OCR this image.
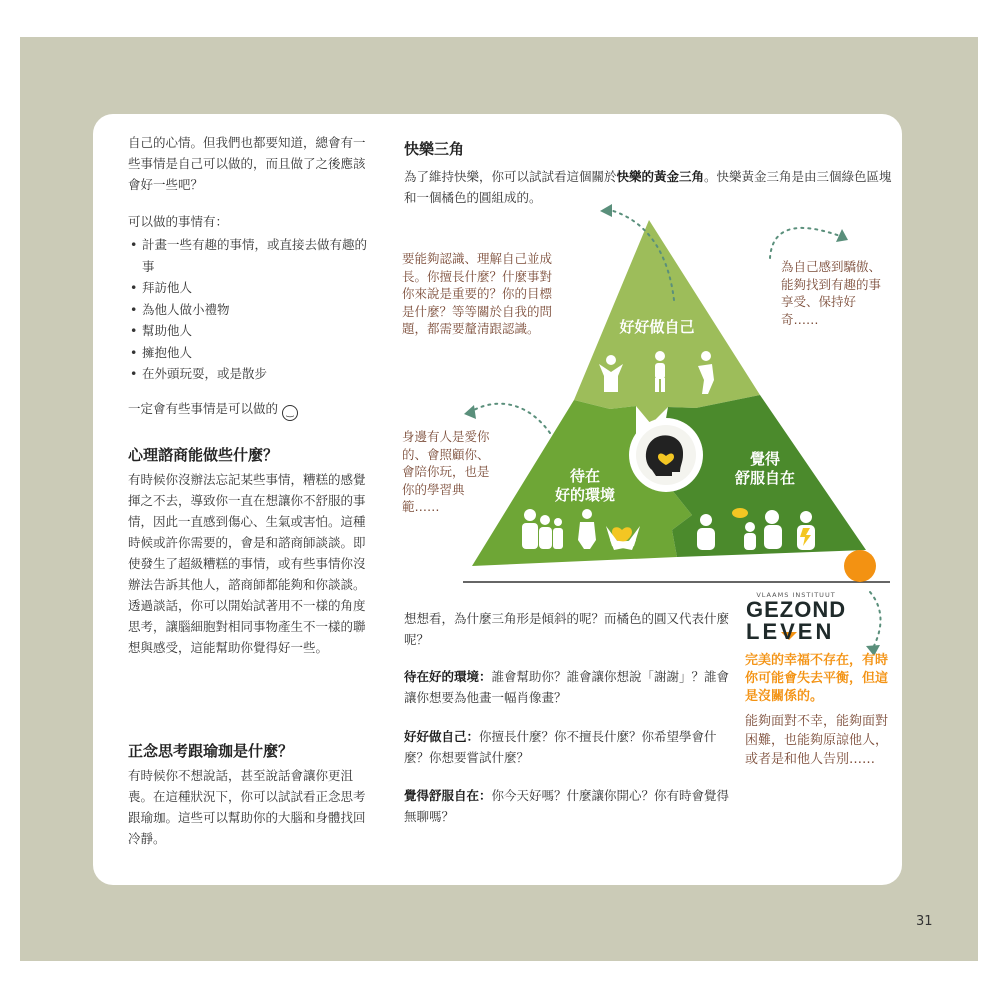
自己的心情。但我們也都要知道，總會有一些事情是自己可以做的，而且做了之後應該會好一些吧？
可以做的事情有：
• 計畫一些有趣的事情，或直接去做有趣的事
• 拜訪他人
• 為他人做小禮物
• 幫助他人
• 擁抱他人
• 在外頭玩耍，或是散步
一定會有些事情是可以做的 ‿
心理諮商能做些什麼？
有時候你沒辦法忘記某些事情，糟糕的感覺揮之不去，導致你一直在想讓你不舒服的事情，因此一直感到傷心、生氣或害怕。這種時候或許你需要的，會是和諮商師談談。即使發生了超級糟糕的事情，或有些事情你沒辦法告訴其他人，諮商師都能夠和你談談。透過談話，你可以開始試著用不一樣的角度思考，讓腦細胞對相同事物產生不一樣的聯想與感受，這能幫助你覺得好一些。
正念思考跟瑜珈是什麼？
有時候你不想說話，甚至說話會讓你更沮喪。在這種狀況下，你可以試試看正念思考跟瑜珈。這些可以幫助你的大腦和身體找回冷靜。
快樂三角
為了維持快樂，你可以試試看這個關於快樂的黃金三角。快樂黃金三角是由三個綠色區塊和一個橘色的圓組成的。
好好做自己
待在
好的環境
覺得
舒服自在
要能夠認識、理解自己並成長。你擅長什麼？什麼事對你來說是重要的？你的目標是什麼？等等關於自我的問題，都需要釐清跟認識。
為自己感到驕傲、能夠找到有趣的事享受、保持好奇……
身邊有人是愛你的、會照顧你、會陪你玩，也是你的學習典範……
想想看，為什麼三角形是傾斜的呢？而橘色的圓又代表什麼呢？
待在好的環境：誰會幫助你？誰會讓你想說「謝謝」？誰會讓你想要為他畫一幅肖像畫？
好好做自己：你擅長什麼？你不擅長什麼？你希望學會什麼？你想要嘗試什麼？
覺得舒服自在：你今天好嗎？什麼讓你開心？你有時會覺得無聊嗎？
VLAAMS INSTITUUT
GEZOND
LEVEN
完美的幸福不存在，有時你可能會失去平衡，但這是沒關係的。
能夠面對不幸，能夠面對困難，也能夠原諒他人，或者是和他人告別……
31
